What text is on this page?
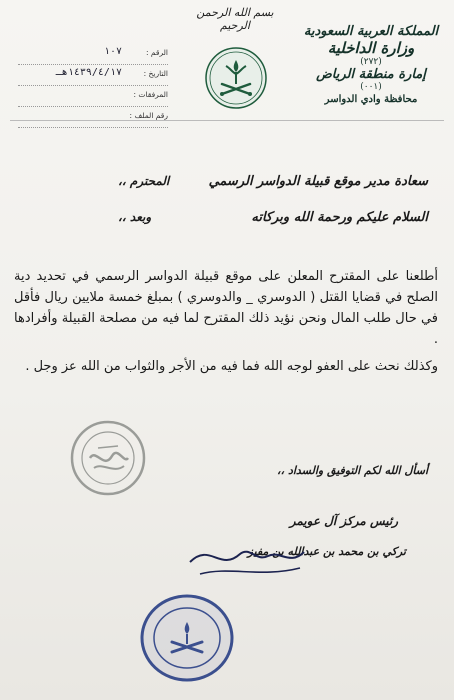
بسم الله الرحمن الرحيم	المملكة العربية السعودية
وزارة الداخلية
(٢٧٢)
إمارة منطقة الرياض
(٠٠١)
محافظة وادي الدواسر
الرقم :
١٠٧
التاريخ :
١٤٣٩/٤/١٧هـ
المرفقات :
رقم الملف :
سعادة مدير موقع قبيلة الدواسر الرسمي
المحترم ،،
السلام عليكم ورحمة الله وبركاته
وبعد ،،

أطلعنا على المقترح المعلن على موقع قبيلة الدواسر الرسمي في تحديد دية الصلح في قضايا القتل ( الدوسري _ والدوسري ) بمبلغ خمسة ملايين ريال فأقل في حال طلب المال ونحن نؤيد ذلك المقترح لما فيه من مصلحة القبيلة وأفرادها .

وكذلك نحث على العفو لوجه الله فما فيه من الأجر والثواب من الله عز وجل .

أسأل الله لكم التوفيق والسداد ،،
رئيس مركز آل عويمر
تركي بن محمد بن عبدالله بن مفيز
